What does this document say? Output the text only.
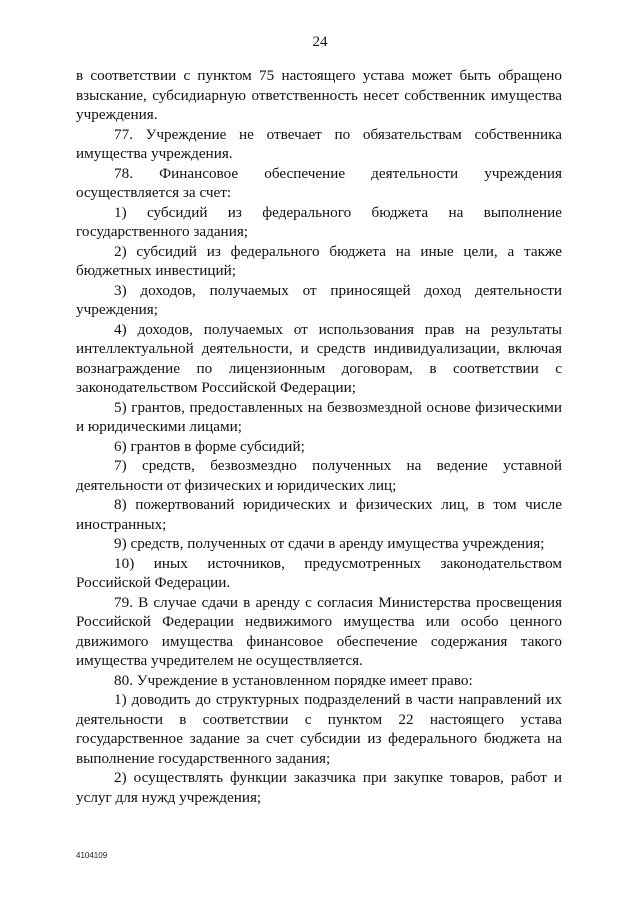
24

в соответствии с пунктом 75 настоящего устава может быть обращено взыскание, субсидиарную ответственность несет собственник имущества учреждения.

77. Учреждение не отвечает по обязательствам собственника имущества учреждения.

78. Финансовое обеспечение деятельности учреждения осуществляется за счет:

1) субсидий из федерального бюджета на выполнение государственного задания;

2) субсидий из федерального бюджета на иные цели, а также бюджетных инвестиций;

3) доходов, получаемых от приносящей доход деятельности учреждения;

4) доходов, получаемых от использования прав на результаты интеллектуальной деятельности, и средств индивидуализации, включая вознаграждение по лицензионным договорам, в соответствии с законодательством Российской Федерации;

5) грантов, предоставленных на безвозмездной основе физическими и юридическими лицами;

6) грантов в форме субсидий;

7) средств, безвозмездно полученных на ведение уставной деятельности от физических и юридических лиц;

8) пожертвований юридических и физических лиц, в том числе иностранных;

9) средств, полученных от сдачи в аренду имущества учреждения;

10) иных источников, предусмотренных законодательством Российской Федерации.

79. В случае сдачи в аренду с согласия Министерства просвещения Российской Федерации недвижимого имущества или особо ценного движимого имущества финансовое обеспечение содержания такого имущества учредителем не осуществляется.

80. Учреждение в установленном порядке имеет право:

1) доводить до структурных подразделений в части направлений их деятельности в соответствии с пунктом 22 настоящего устава государственное задание за счет субсидии из федерального бюджета на выполнение государственного задания;

2) осуществлять функции заказчика при закупке товаров, работ и услуг для нужд учреждения;

4104109
